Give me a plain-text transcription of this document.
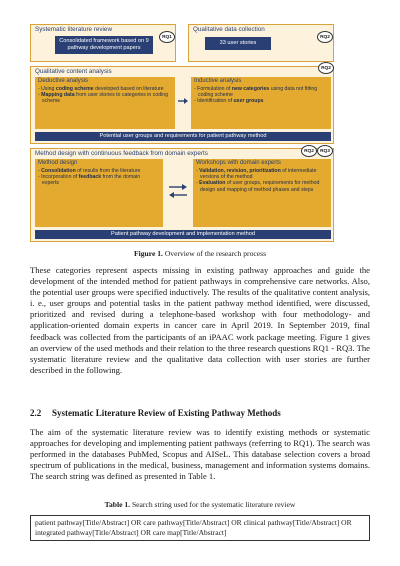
Systematic literature review
Consolidated framework based on 9 pathway development papers
RQ1
Qualitative data collection
33 user stories
RQ2
Qualitative content analysis	RQ2
Deductive analysis
- Using coding scheme developed based on literature
- Mapping data from user stories to categories in coding scheme
Inductive analysis
- Formulation of new categories using data not fitting coding scheme
- Identification of user groups
Potential user groups and requirements for patient pathway method
Method design with continuous feedback from domain experts	RQ2	RQ3
Method design
- Consolidation of results from the literature
- Incorporation of feedback from the domain experts
Workshops with domain experts
- Validation, revision, prioritization of intermediate versions of the method
- Evaluation of user groups, requirements for method design and mapping of method phases and steps
Patient pathway development and implementation method
Figure 1. Overview of the research process

These categories represent aspects missing in existing pathway approaches and guide the development of the intended method for patient pathways in comprehensive care networks. Also, the potential user groups were specified inductively. The results of the qualitative content analysis, i. e., user groups and potential tasks in the patient pathway method identified, were discussed, prioritized and revised during a telephone-based workshop with four methodology- and application-oriented domain experts in cancer care in April 2019. In September 2019, final feedback was collected from the participants of an iPAAC work package meeting. Figure 1 gives an overview of the used methods and their relation to the three research questions RQ1 - RQ3. The systematic literature review and the qualitative data collection with user stories are further described in the following.

2.2 Systematic Literature Review of Existing Pathway Methods

The aim of the systematic literature review was to identify existing methods or systematic approaches for developing and implementing patient pathways (referring to RQ1). The search was performed in the databases PubMed, Scopus and AISeL. This database selection covers a broad spectrum of publications in the medical, business, management and information systems domains. The search string was defined as presented in Table 1.

Table 1. Search string used for the systematic literature review
patient pathway[Title/Abstract] OR care pathway[Title/Abstract] OR clinical pathway[Title/Abstract] OR integrated pathway[Title/Abstract] OR care map[Title/Abstract]
